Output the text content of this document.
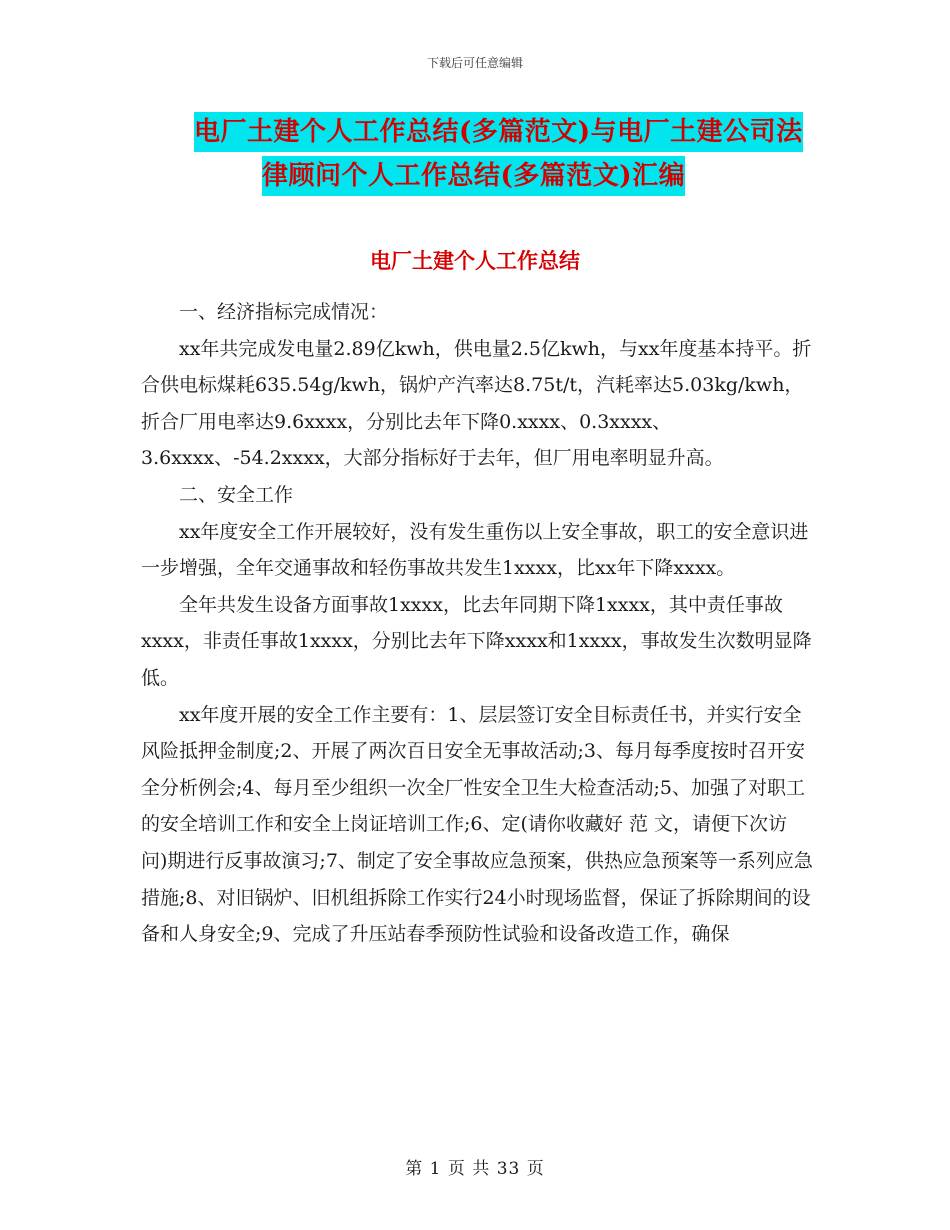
下载后可任意编辑
电厂土建个人工作总结(多篇范文)与电厂土建公司法
律顾问个人工作总结(多篇范文)汇编
电厂土建个人工作总结

一、经济指标完成情况：

xx年共完成发电量2.89亿kwh，供电量2.5亿kwh，与xx年度基本持平。折合供电标煤耗635.54g/kwh，锅炉产汽率达8.75t/t，汽耗率达5.03kg/kwh，折合厂用电率达9.6xxxx，分别比去年下降0.xxxx、0.3xxxx、3.6xxxx、-54.2xxxx，大部分指标好于去年，但厂用电率明显升高。

二、安全工作

xx年度安全工作开展较好，没有发生重伤以上安全事故，职工的安全意识进一步增强，全年交通事故和轻伤事故共发生1xxxx，比xx年下降xxxx。

全年共发生设备方面事故1xxxx，比去年同期下降1xxxx，其中责任事故xxxx，非责任事故1xxxx，分别比去年下降xxxx和1xxxx，事故发生次数明显降低。

xx年度开展的安全工作主要有：1、层层签订安全目标责任书，并实行安全风险抵押金制度;2、开展了两次百日安全无事故活动;3、每月每季度按时召开安全分析例会;4、每月至少组织一次全厂性安全卫生大检查活动;5、加强了对职工的安全培训工作和安全上岗证培训工作;6、定(请你收藏好 范 文，请便下次访问)期进行反事故演习;7、制定了安全事故应急预案，供热应急预案等一系列应急措施;8、对旧锅炉、旧机组拆除工作实行24小时现场监督，保证了拆除期间的设备和人身安全;9、完成了升压站春季预防性试验和设备改造工作，确保

第 1 页 共 33 页
